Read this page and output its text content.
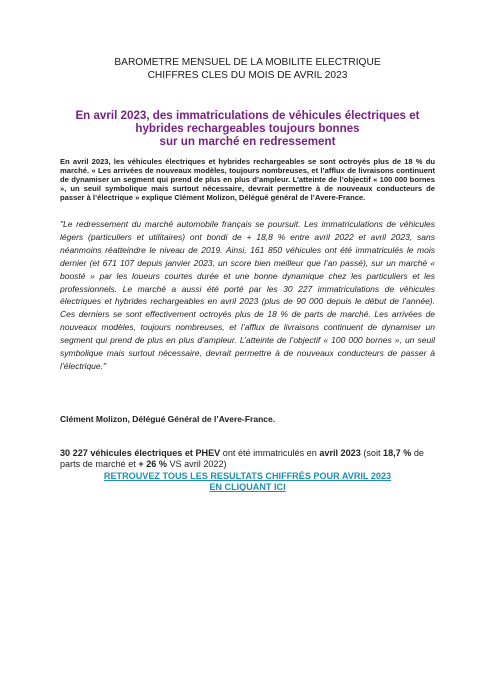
BAROMETRE MENSUEL DE LA MOBILITE ELECTRIQUE
CHIFFRES CLES DU MOIS DE AVRIL 2023
En avril 2023, des immatriculations de véhicules électriques et
hybrides rechargeables toujours bonnes
sur un marché en redressement
En avril 2023, les véhicules électriques et hybrides rechargeables se sont octroyés plus de 18 % du marché. « Les arrivées de nouveaux modèles, toujours nombreuses, et l’afflux de livraisons continuent de dynamiser un segment qui prend de plus en plus d’ampleur. L’atteinte de l’objectif « 100 000 bornes », un seuil symbolique mais surtout nécessaire, devrait permettre à de nouveaux conducteurs de passer à l’électrique » explique Clément Molizon, Délégué général de l’Avere-France.
"Le redressement du marché automobile français se poursuit. Les immatriculations de véhicules légers (particuliers et utilitaires) ont bondi de + 18,8 % entre avril 2022 et avril 2023, sans néanmoins réatteindre le niveau de 2019. Ainsi, 161 850 véhicules ont été immatriculés le mois dernier (et 671 107 depuis janvier 2023, un score bien meilleur que l’an passé), sur un marché « boosté » par les loueurs courtes durée et une bonne dynamique chez les particuliers et les professionnels. Le marché a aussi été porté par les 30 227 immatriculations de véhicules électriques et hybrides rechargeables en avril 2023 (plus de 90 000 depuis le début de l’année). Ces derniers se sont effectivement octroyés plus de 18 % de parts de marché. Les arrivées de nouveaux modèles, toujours nombreuses, et l’afflux de livraisons continuent de dynamiser un segment qui prend de plus en plus d’ampleur. L’atteinte de l’objectif « 100 000 bornes », un seuil symbolique mais surtout nécessaire, devrait permettre à de nouveaux conducteurs de passer à l’électrique."
Clément Molizon, Délégué Général de l’Avere-France.
30 227 véhicules électriques et PHEV ont été immatriculés en avril 2023 (soit 18,7 % de parts de marché et + 26 % VS avril 2022)
RETROUVEZ TOUS LES RESULTATS CHIFFRÉS POUR AVRIL 2023
EN CLIQUANT ICI
